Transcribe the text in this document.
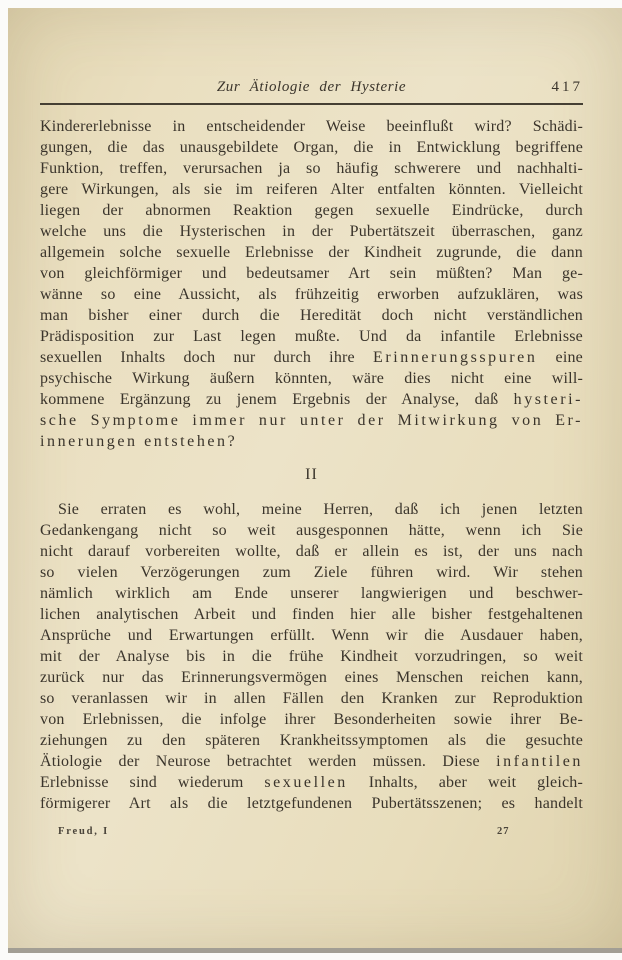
Zur Ätiologie der Hysterie	417
Kindererlebnisse in entscheidender Weise beeinflußt wird? Schädi-
gungen, die das unausgebildete Organ, die in Entwicklung begriffene
Funktion, treffen, verursachen ja so häufig schwerere und nachhalti-
gere Wirkungen, als sie im reiferen Alter entfalten könnten. Vielleicht
liegen der abnormen Reaktion gegen sexuelle Eindrücke, durch
welche uns die Hysterischen in der Pubertätszeit überraschen, ganz
allgemein solche sexuelle Erlebnisse der Kindheit zugrunde, die dann
von gleichförmiger und bedeutsamer Art sein müßten? Man ge-
wänne so eine Aussicht, als frühzeitig erworben aufzuklären, was
man bisher einer durch die Heredität doch nicht verständlichen
Prädisposition zur Last legen mußte. Und da infantile Erlebnisse
sexuellen Inhalts doch nur durch ihre Erinnerungsspuren eine
psychische Wirkung äußern könnten, wäre dies nicht eine will-
kommene Ergänzung zu jenem Ergebnis der Analyse, daß hysteri-
sche Symptome immer nur unter der Mitwirkung von Er-
innerungen entstehen?
II
Sie erraten es wohl, meine Herren, daß ich jenen letzten
Gedankengang nicht so weit ausgesponnen hätte, wenn ich Sie
nicht darauf vorbereiten wollte, daß er allein es ist, der uns nach
so vielen Verzögerungen zum Ziele führen wird. Wir stehen
nämlich wirklich am Ende unserer langwierigen und beschwer-
lichen analytischen Arbeit und finden hier alle bisher festgehaltenen
Ansprüche und Erwartungen erfüllt. Wenn wir die Ausdauer haben,
mit der Analyse bis in die frühe Kindheit vorzudringen, so weit
zurück nur das Erinnerungsvermögen eines Menschen reichen kann,
so veranlassen wir in allen Fällen den Kranken zur Reproduktion
von Erlebnissen, die infolge ihrer Besonderheiten sowie ihrer Be-
ziehungen zu den späteren Krankheitssymptomen als die gesuchte
Ätiologie der Neurose betrachtet werden müssen. Diese infantilen
Erlebnisse sind wiederum sexuellen Inhalts, aber weit gleich-
förmigerer Art als die letztgefundenen Pubertätsszenen; es handelt
Freud, I	27
